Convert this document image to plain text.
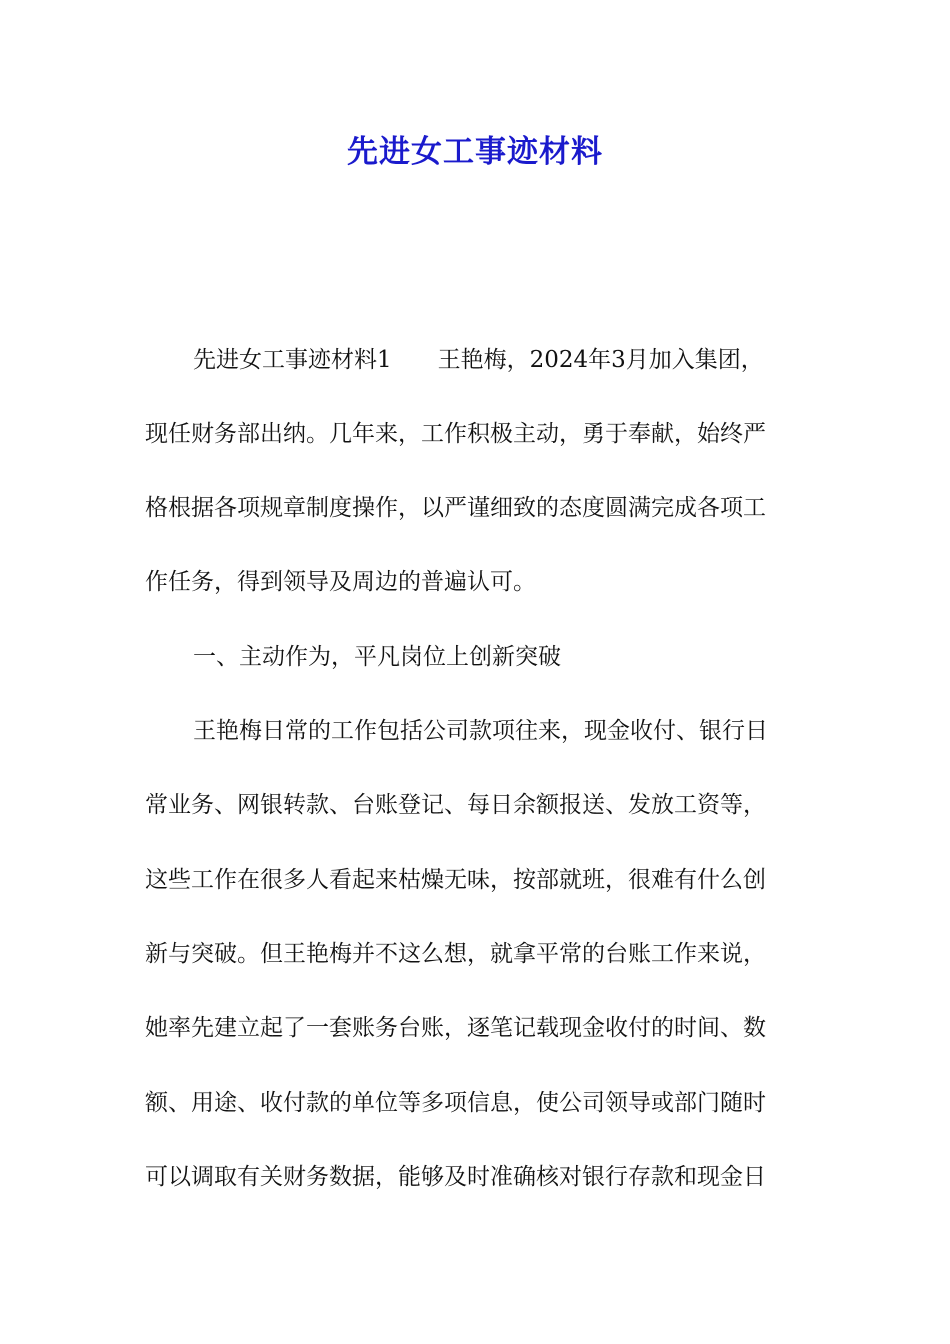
先进女工事迹材料

先进女工事迹材料1　　王艳梅，2024年3月加入集团，

现任财务部出纳。几年来，工作积极主动，勇于奉献，始终严

格根据各项规章制度操作，以严谨细致的态度圆满完成各项工

作任务，得到领导及周边的普遍认可。

一、主动作为，平凡岗位上创新突破

王艳梅日常的工作包括公司款项往来，现金收付、银行日

常业务、网银转款、台账登记、每日余额报送、发放工资等，

这些工作在很多人看起来枯燥无味，按部就班，很难有什么创

新与突破。但王艳梅并不这么想，就拿平常的台账工作来说，

她率先建立起了一套账务台账，逐笔记载现金收付的时间、数

额、用途、收付款的单位等多项信息，使公司领导或部门随时

可以调取有关财务数据，能够及时准确核对银行存款和现金日
